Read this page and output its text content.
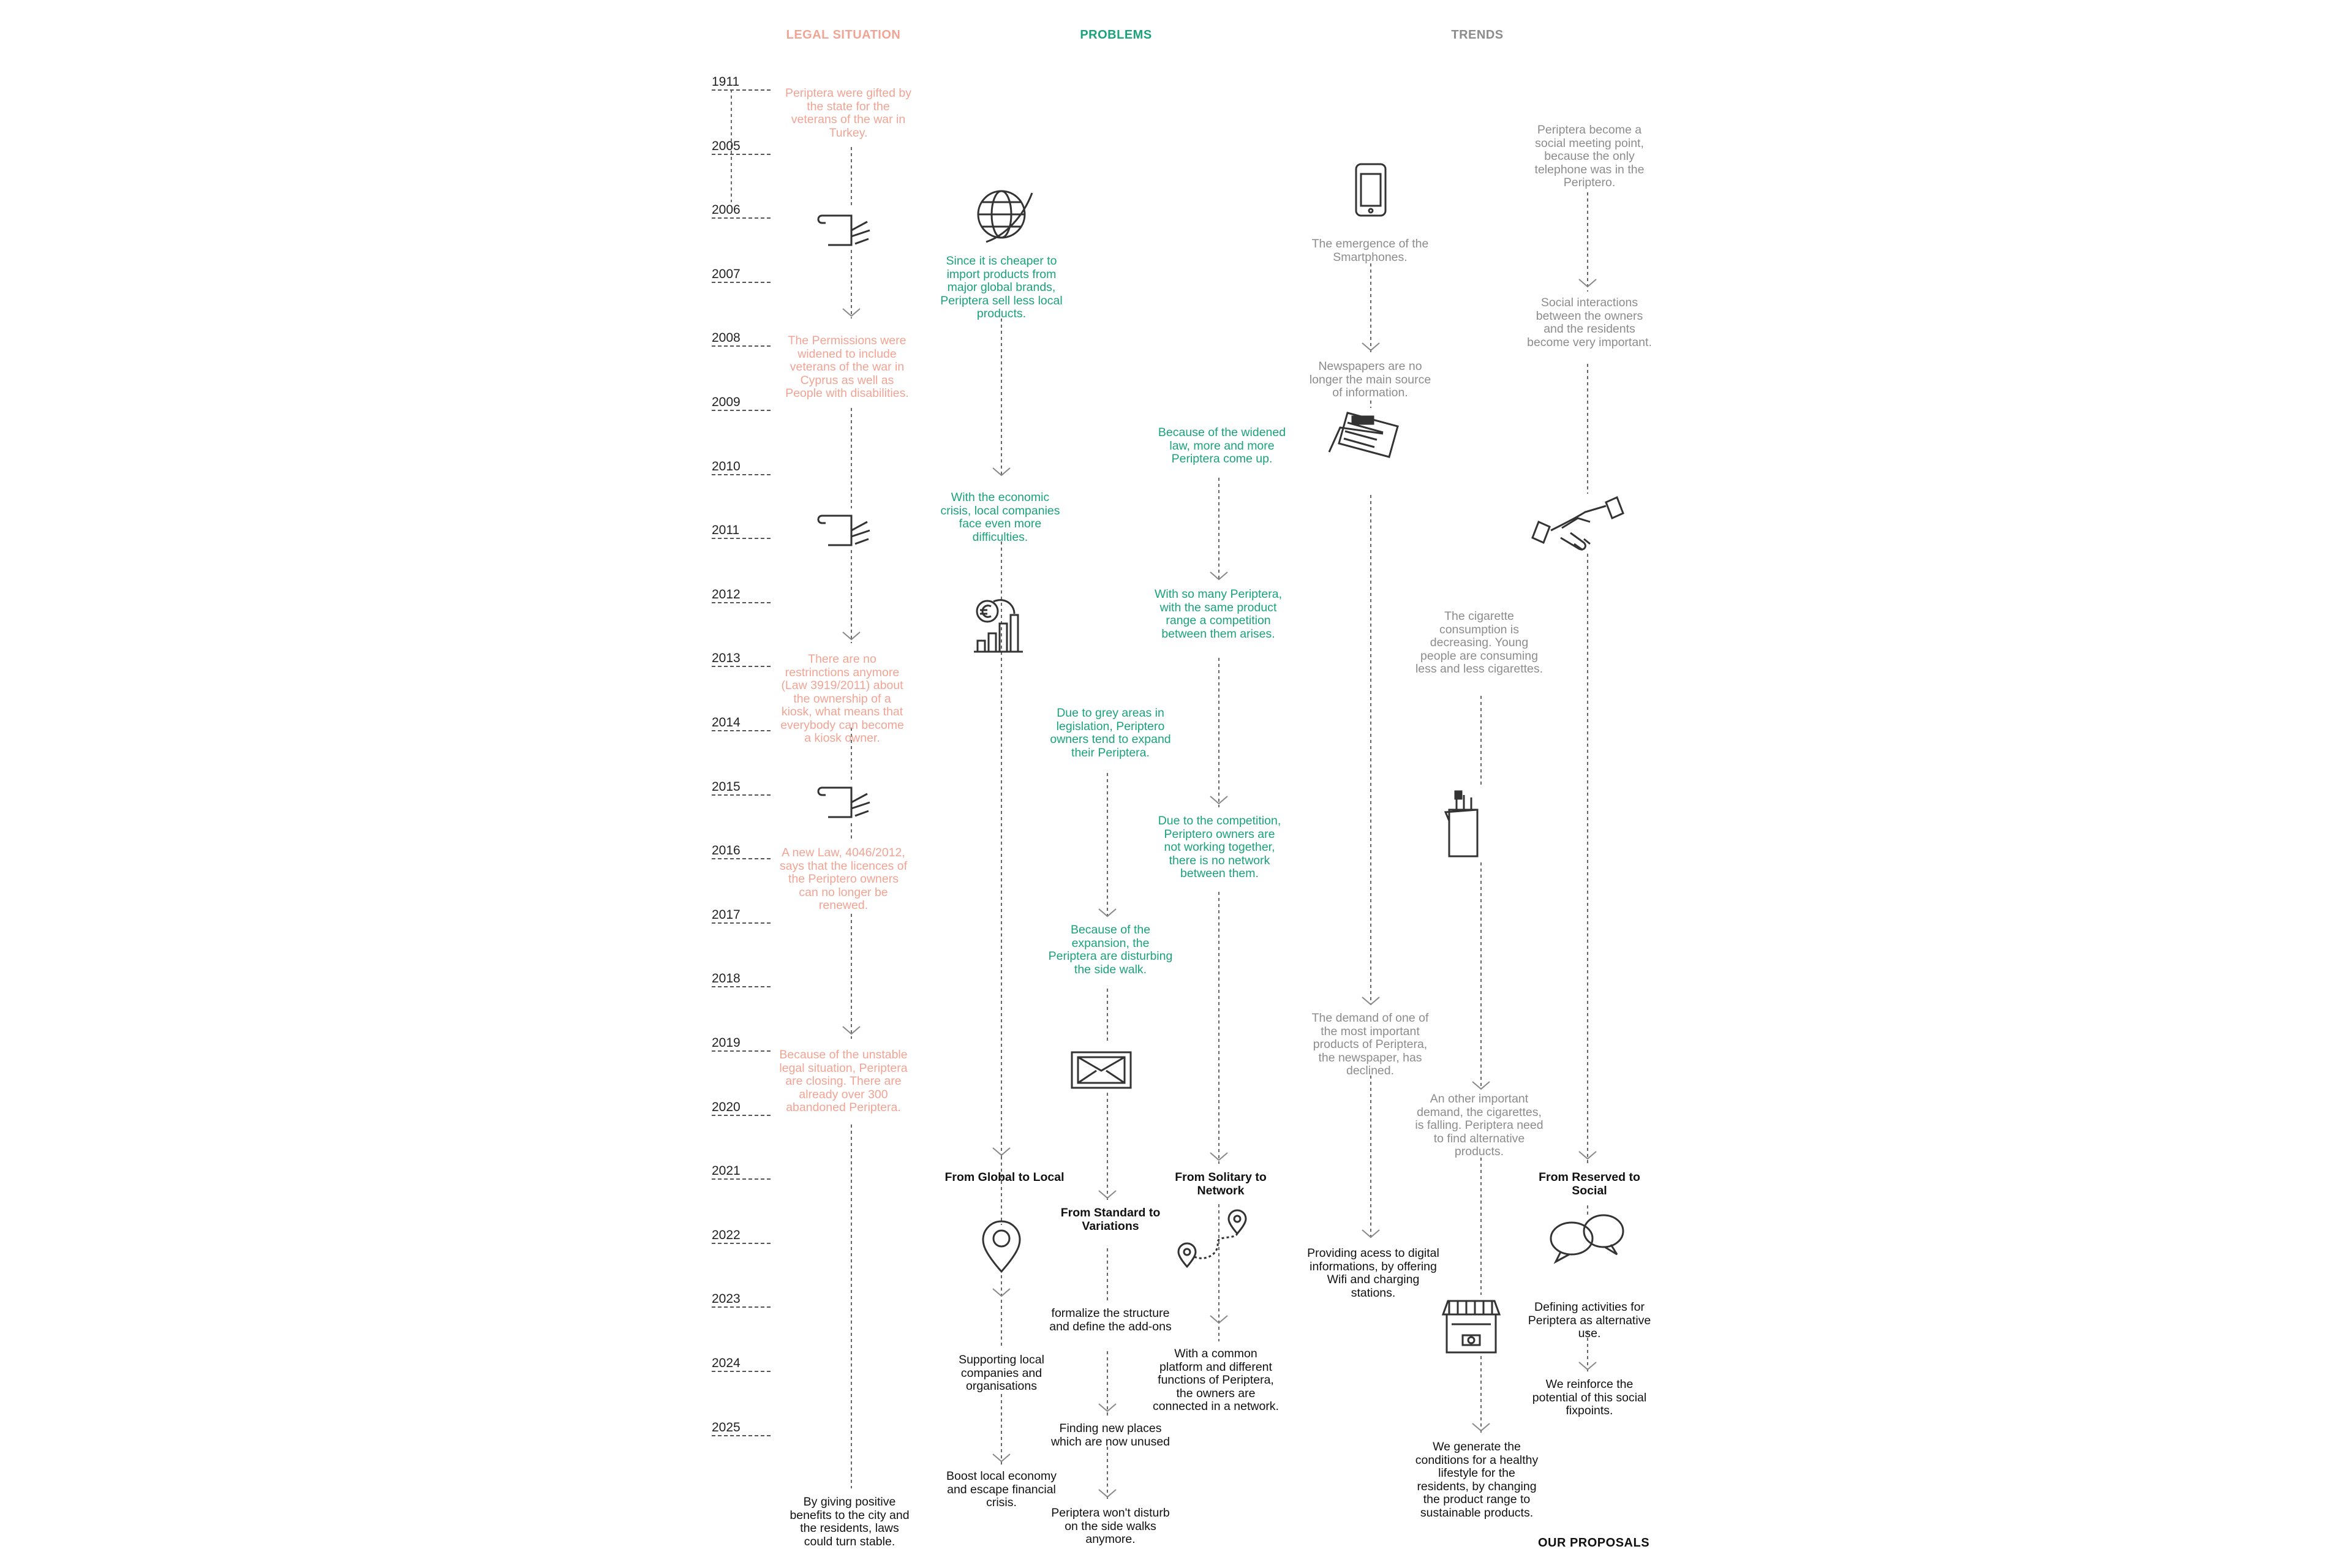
LEGAL SITUATION	PROBLEMS	TRENDS
OUR PROPOSALS
1911
2005
2006
2007
2008
2009
2010
2011
2012
2013
2014
2015
2016
2017
2018
2019
2020
2021
2022
2023
2024
2025
Periptera were gifted by the state for the veterans of the war in Turkey.
The Permissions were widened to include veterans of the war in Cyprus as well as People with disabilities.
There are no restrinctions anymore (Law 3919/2011) about the ownership of a kiosk, what means that everybody can become a kiosk owner.
A new Law, 4046/2012, says that the licences of the Periptero owners can no longer be renewed.
Because of the unstable legal situation, Periptera are closing. There are already over 300 abandoned Periptera.
By giving positive benefits to the city and the residents, laws could turn stable.
Since it is cheaper to import products from major global brands, Periptera sell less local products.
With the economic crisis, local companies face even more difficulties.
Because of the widened law, more and more Periptera come up.
With so many Periptera, with the same product range a competition between them arises.
Due to grey areas in legislation, Periptero owners tend to expand their Periptera.
Due to the competition, Periptero owners are not working together, there is no network between them.
Because of the expansion, the Periptera are disturbing the side walk.
The emergence of the Smartphones.
Newspapers are no longer the main source of information.
Periptera become a social meeting point, because the only telephone was in the Periptero.
Social interactions between the owners and the residents become very important.
The cigarette consumption is decreasing. Young people are consuming less and less cigarettes.
The demand of one of the most important products of Periptera, the newspaper, has declined.
An other important demand, the cigarettes, is falling. Periptera need to find alternative products.
From Global to Local
Supporting local companies and organisations
Boost local economy and escape financial crisis.
From Standard to Variations
formalize the structure and define the add-ons
Finding new places which are now unused
Periptera won't disturb on the side walks anymore.
From Solitary to Network
With a common platform and different functions of Periptera, the owners are connected in a network.
Providing acess to digital informations, by offering Wifi and charging stations.
We generate the conditions for a healthy lifestyle for the residents, by changing the product range to sustainable products.
From Reserved to Social
Defining activities for Periptera as alternative use.
We reinforce the potential of this social fixpoints.
